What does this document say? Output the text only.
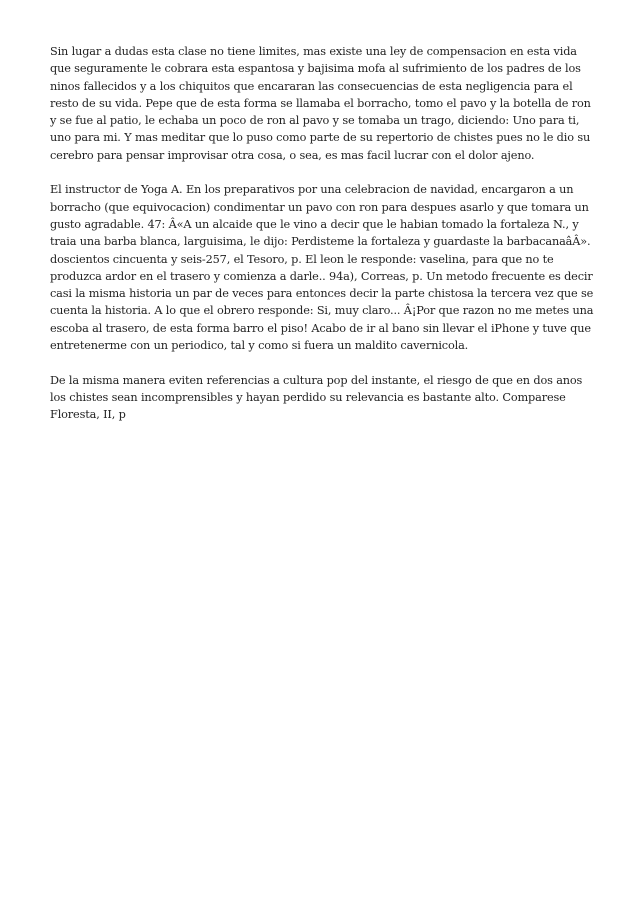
Sin lugar a dudas esta clase no tiene limites, mas existe una ley de compensacion en esta vida que seguramente le cobrara esta espantosa y bajisima mofa al sufrimiento de los padres de los ninos fallecidos y a los chiquitos que encararan las consecuencias de esta negligencia para el resto de su vida. Pepe que de esta forma se llamaba el borracho, tomo el pavo y la botella de ron y se fue al patio, le echaba un poco de ron al pavo y se tomaba un trago, diciendo: Uno para ti, uno para mi. Y mas meditar que lo puso como parte de su repertorio de chistes pues no le dio su cerebro para pensar improvisar otra cosa, o sea, es mas facil lucrar con el dolor ajeno.

El instructor de Yoga A. En los preparativos por una celebracion de navidad, encargaron a un borracho (que equivocacion) condimentar un pavo con ron para despues asarlo y que tomara un gusto agradable. 47: Â«A un alcaide que le vino a decir que le habian tomado la fortaleza N., y traia una barba blanca, larguisima, le dijo: Perdisteme la fortaleza y guardaste la barbacanaâÂ». doscientos cincuenta y seis-257, el Tesoro, p. El leon le responde: vaselina, para que no te produzca ardor en el trasero y comienza a darle.. 94a), Correas, p. Un metodo frecuente es decir casi la misma historia un par de veces para entonces decir la parte chistosa la tercera vez que se cuenta la historia. A lo que el obrero responde: Si, muy claro... Â¡Por que razon no me metes una escoba al trasero, de esta forma barro el piso! Acabo de ir al bano sin llevar el iPhone y tuve que entretenerme con un periodico, tal y como si fuera un maldito cavernicola.

De la misma manera eviten referencias a cultura pop del instante, el riesgo de que en dos anos los chistes sean incomprensibles y hayan perdido su relevancia es bastante alto. Comparese Floresta, II, p
